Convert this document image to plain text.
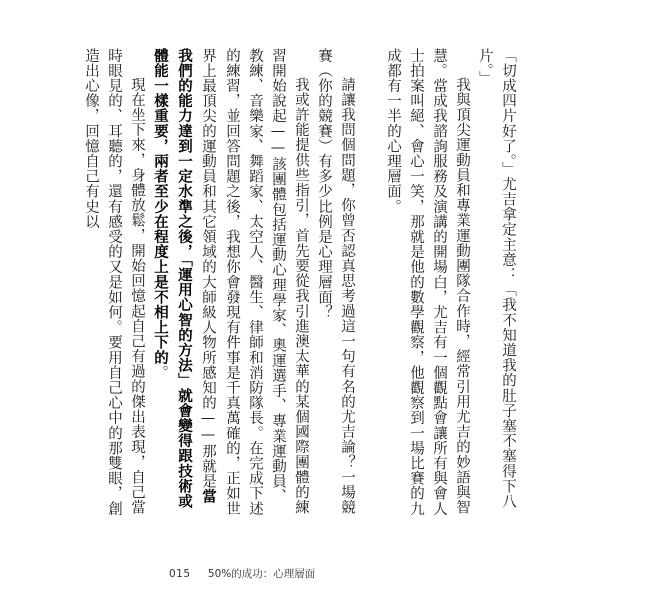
「切成四片好了。」尤吉拿定主意：「我不知道我的肚子塞不塞得下八片。」
我與頂尖運動員和專業運動團隊合作時，經常引用尤吉的妙語與智慧。當成我諮詢服務及演講的開場白，尤吉有一個觀點會讓所有與會人士拍案叫絕、會心一笑，那就是他的數學觀察，他觀察到一場比賽的九成都有一半的心理層面。
請讓我問個問題，你曾否認真思考過這一句有名的尤吉論？一場競賽（你的競賽）有多少比例是心理層面？
我或許能提供些指引，首先要從我引進澳太華的某個國際團體的練習開始說起——該團體包括運動心理學家、奧運選手、專業運動員、教練、音樂家、舞蹈家、太空人、醫生、律師和消防隊長。在完成下述的練習，並回答問題之後，我想你會發現有件事是千真萬確的，正如世界上最頂尖的運動員和其它領域的大師級人物所感知的——那就是當我們的能力達到一定水準之後，「運用心智的方法」就會變得跟技術或體能一樣重要，兩者至少在程度上是不相上下的。
現在坐下來，身體放鬆，開始回憶起自己有過的傑出表現，自己當時眼見的、耳聽的，還有感受的又是如何。要用自己心中的那雙眼，創造出心像，回憶自己有史以
015 50%的成功：心理層面
